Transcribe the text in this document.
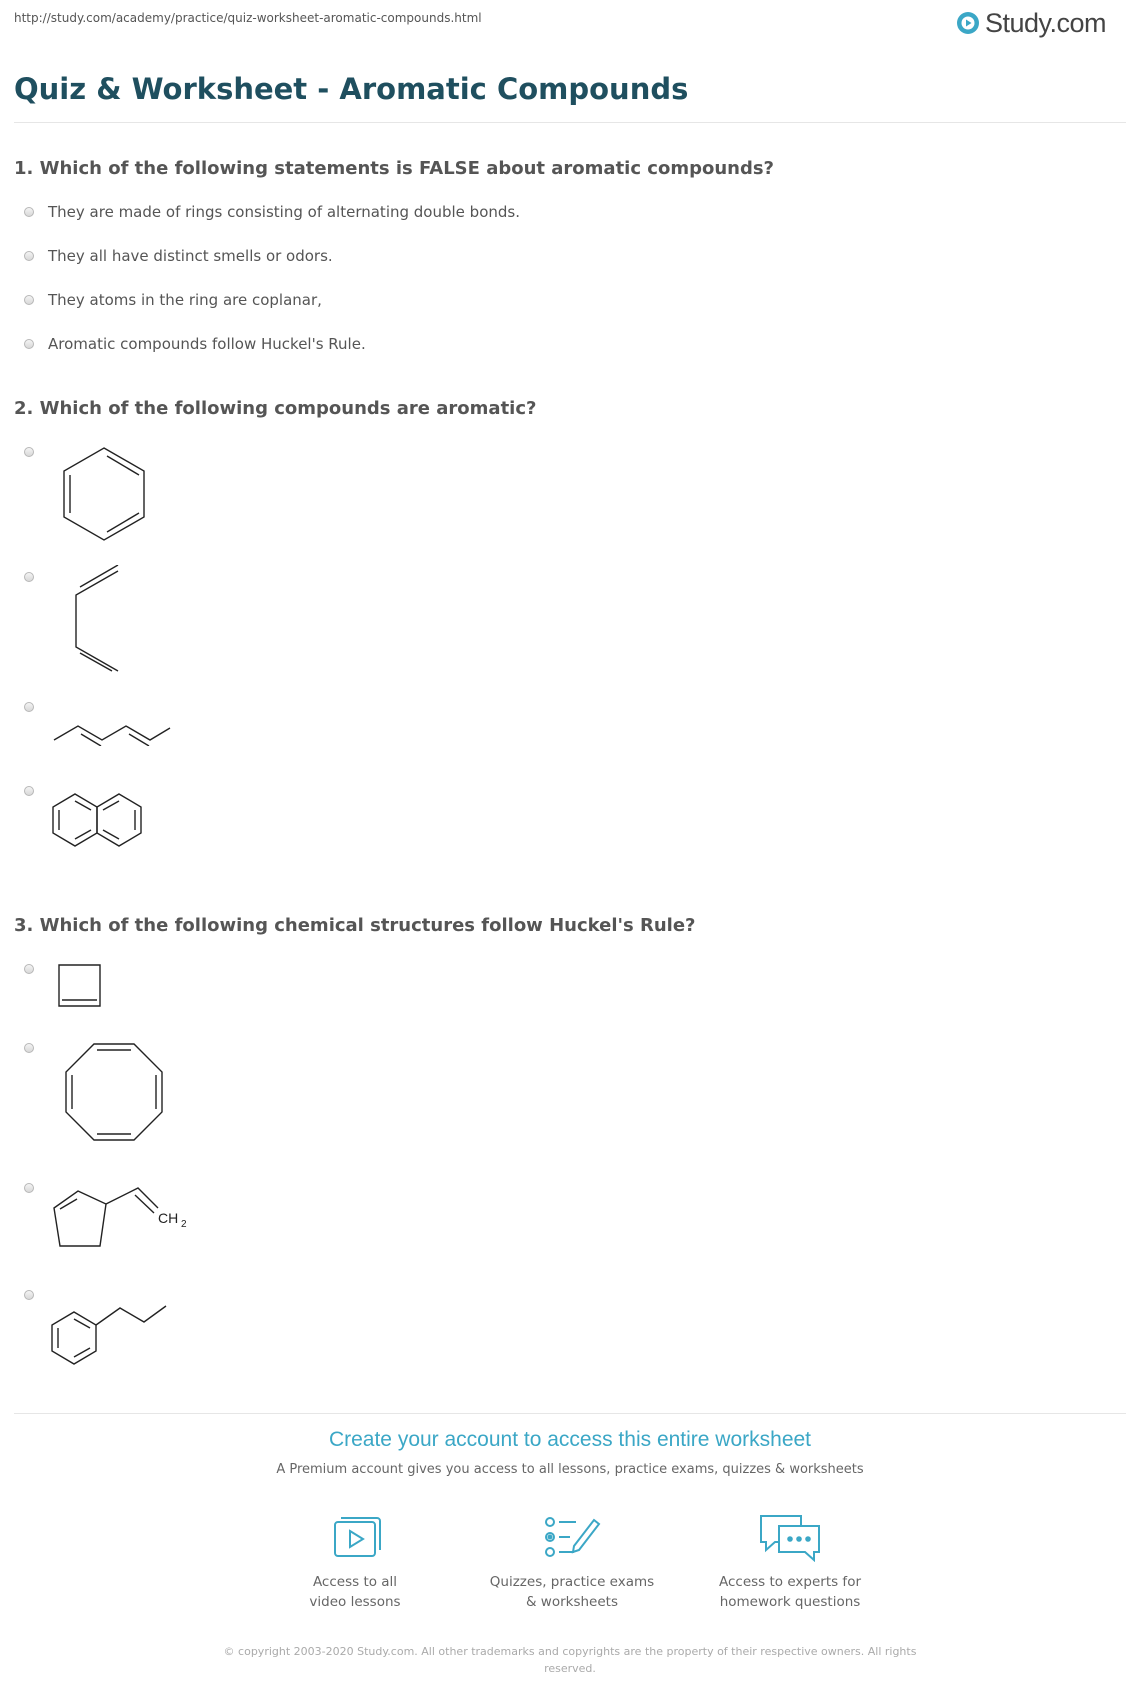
http://study.com/academy/practice/quiz-worksheet-aromatic-compounds.html	Study.com
Quiz & Worksheet - Aromatic Compounds
1. Which of the following statements is FALSE about aromatic compounds?
They are made of rings consisting of alternating double bonds.
They all have distinct smells or odors.
They atoms in the ring are coplanar,
Aromatic compounds follow Huckel's Rule.
2. Which of the following compounds are aromatic?
3. Which of the following chemical structures follow Huckel's Rule?
CH 2
Create your account to access this entire worksheet
A Premium account gives you access to all lessons, practice exams, quizzes & worksheets
Access to all
video lessons
Quizzes, practice exams
& worksheets
Access to experts for
homework questions
© copyright 2003-2020 Study.com. All other trademarks and copyrights are the property of their respective owners. All rights
reserved.
